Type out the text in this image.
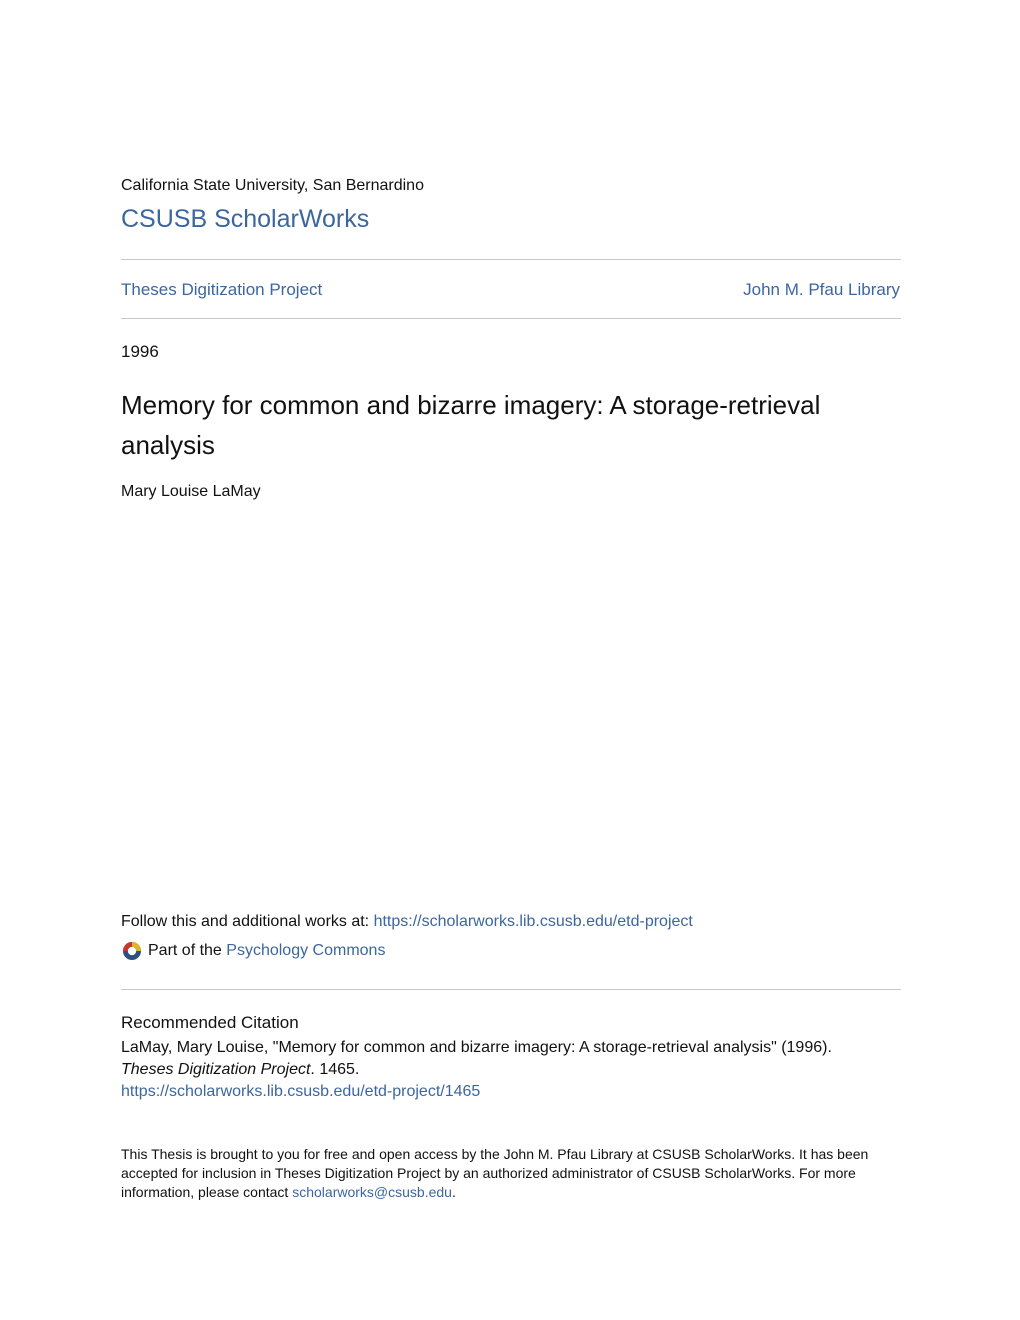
California State University, San Bernardino
CSUSB ScholarWorks
Theses Digitization Project	John M. Pfau Library
1996
Memory for common and bizarre imagery: A storage-retrieval analysis
Mary Louise LaMay
Follow this and additional works at: https://scholarworks.lib.csusb.edu/etd-project
Part of the
Psychology Commons
Recommended Citation
LaMay, Mary Louise, "Memory for common and bizarre imagery: A storage-retrieval analysis" (1996).
Theses Digitization Project. 1465.
https://scholarworks.lib.csusb.edu/etd-project/1465
This Thesis is brought to you for free and open access by the John M. Pfau Library at CSUSB ScholarWorks. It has been accepted for inclusion in Theses Digitization Project by an authorized administrator of CSUSB ScholarWorks. For more information, please contact scholarworks@csusb.edu.
